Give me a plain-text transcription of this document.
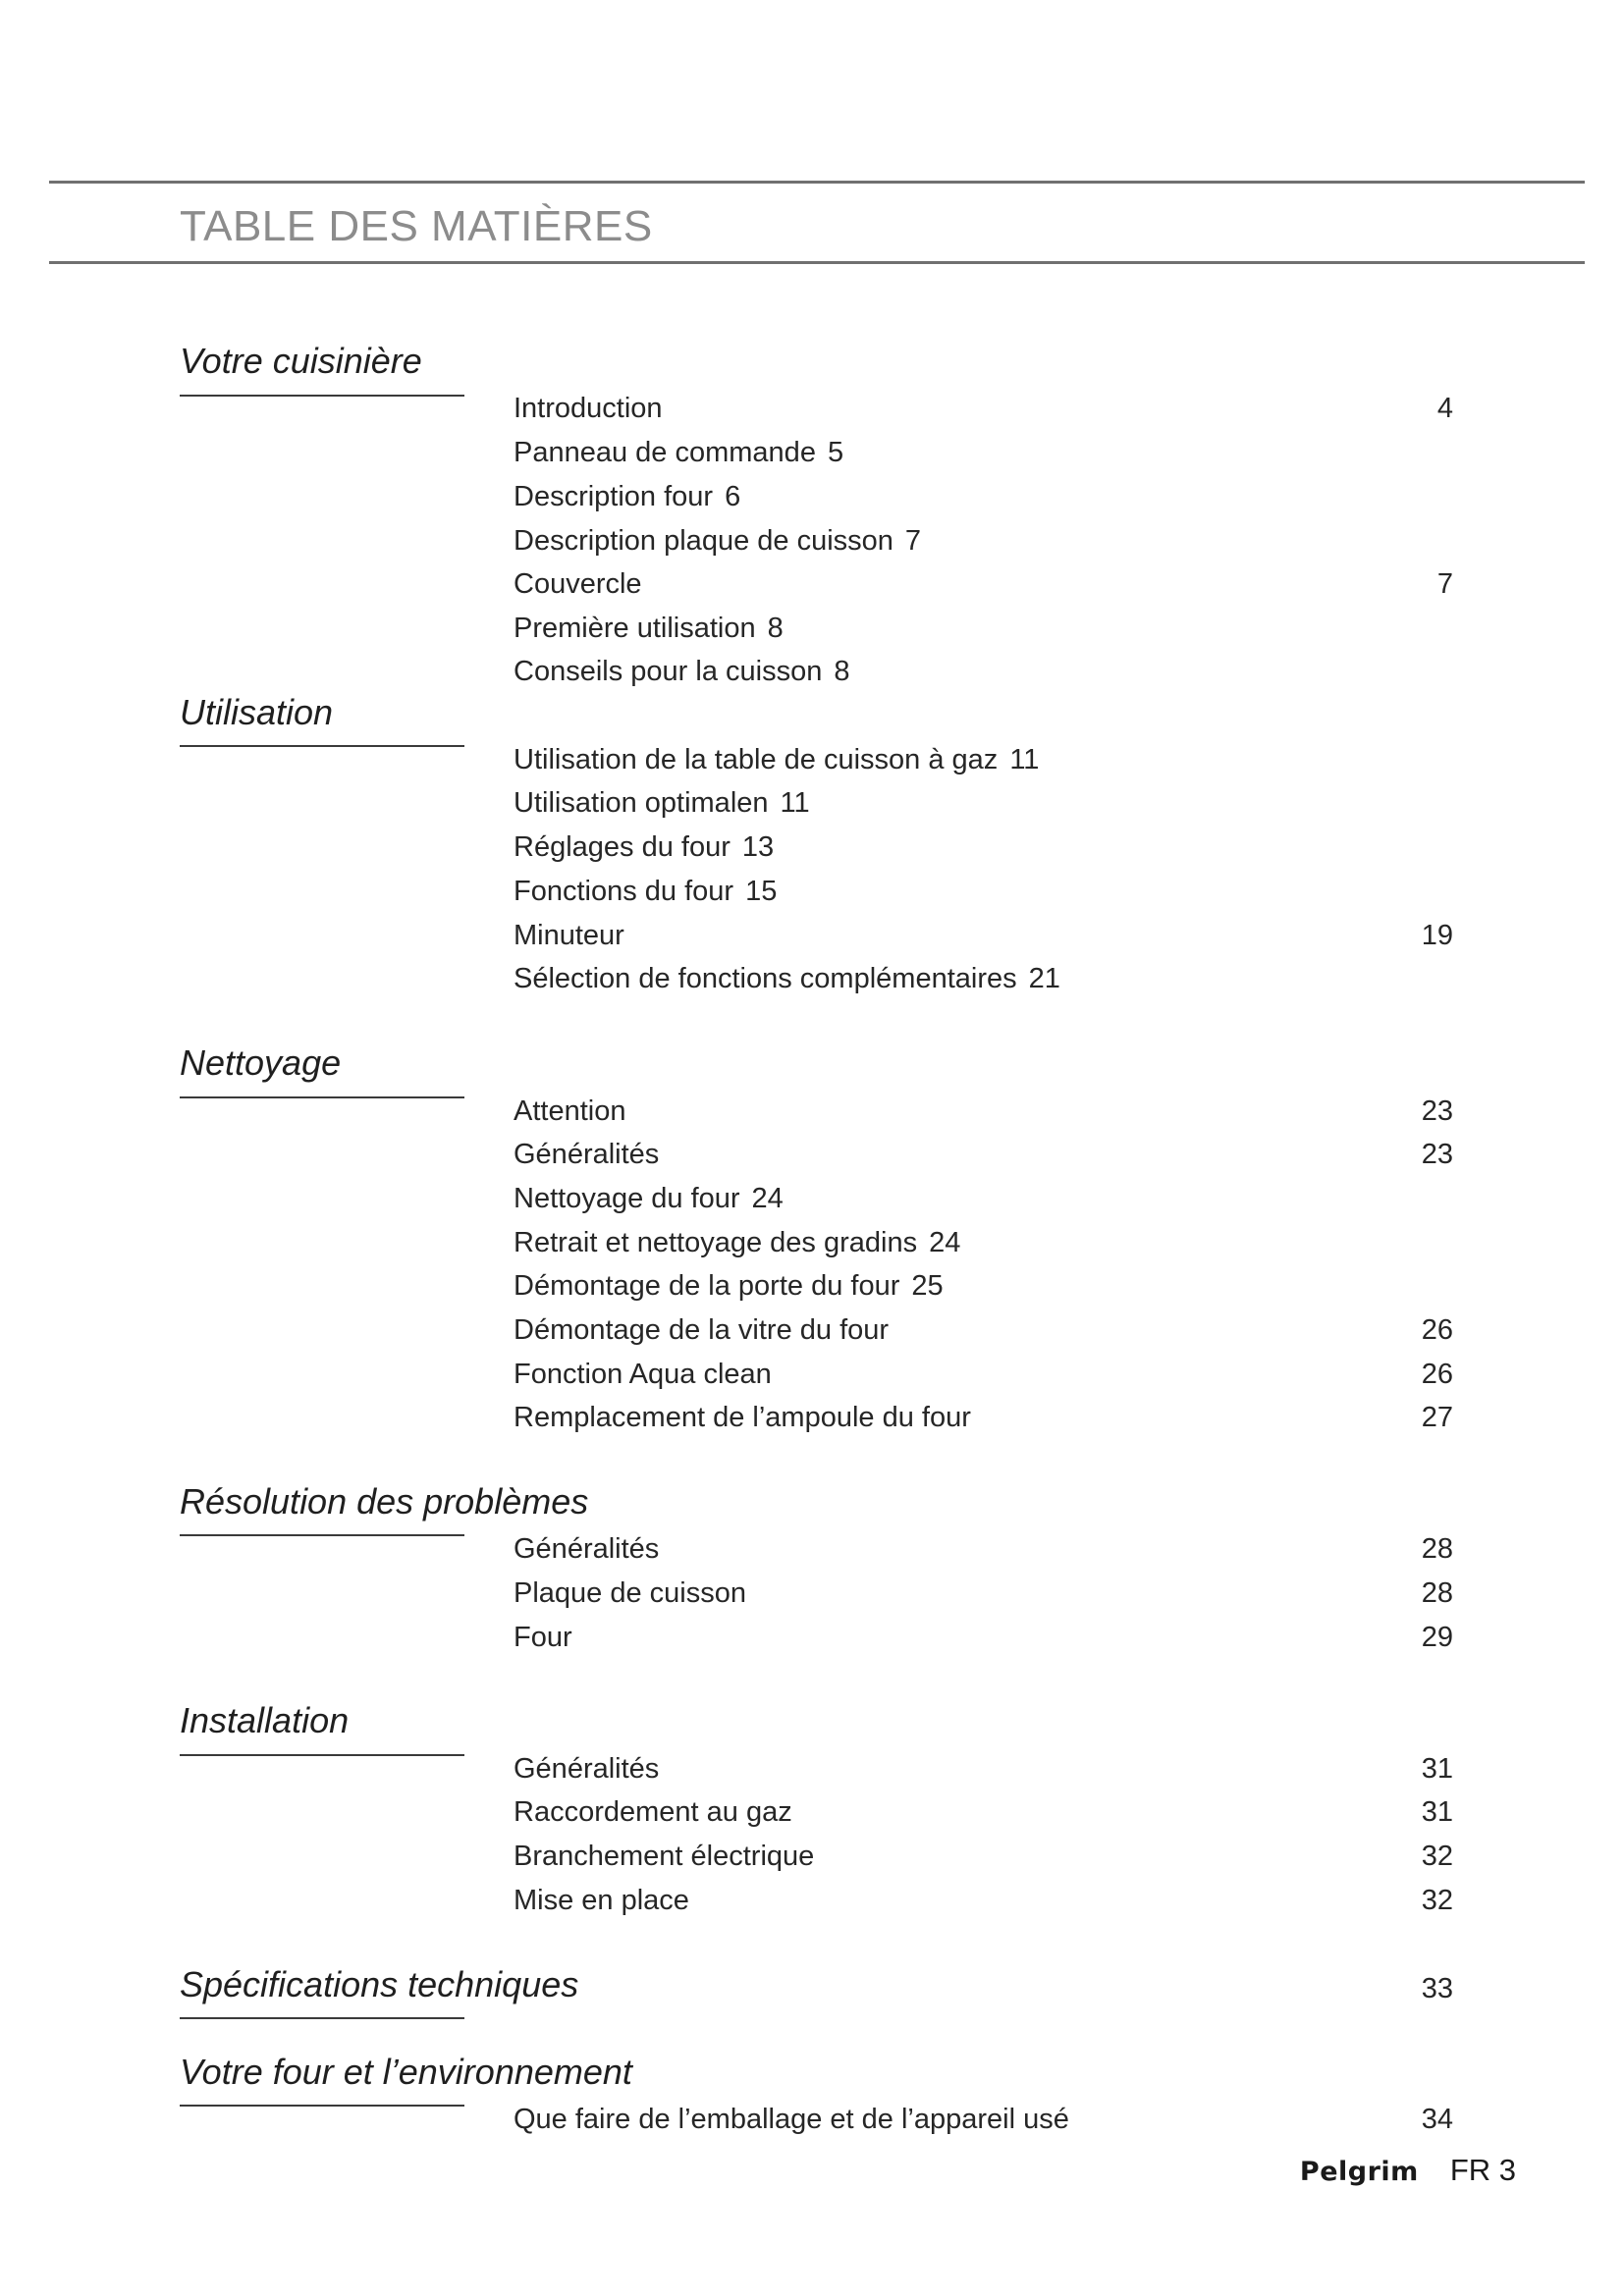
TABLE DES MATIÈRES
Votre cuisinière
Introduction	4
Panneau de commande 5
Description four 6
Description plaque de cuisson 7
Couvercle	7
Première utilisation 8
Conseils pour la cuisson 8
Utilisation
Utilisation de la table de cuisson à gaz 11
Utilisation optimalen 11
Réglages du four 13
Fonctions du four 15
Minuteur	19
Sélection de fonctions complémentaires 21
Nettoyage
Attention	23
Généralités	23
Nettoyage du four 24
Retrait et nettoyage des gradins 24
Démontage de la porte du four 25
Démontage de la vitre du four	26
Fonction Aqua clean	26
Remplacement de l’ampoule du four	27
Résolution des problèmes
Généralités	28
Plaque de cuisson	28
Four	29
Installation
Généralités	31
Raccordement au gaz	31
Branchement électrique	32
Mise en place	32
Spécifications techniques	33
Votre four et l’environnement
Que faire de l’emballage et de l’appareil usé	34
Pelgrim FR 3
